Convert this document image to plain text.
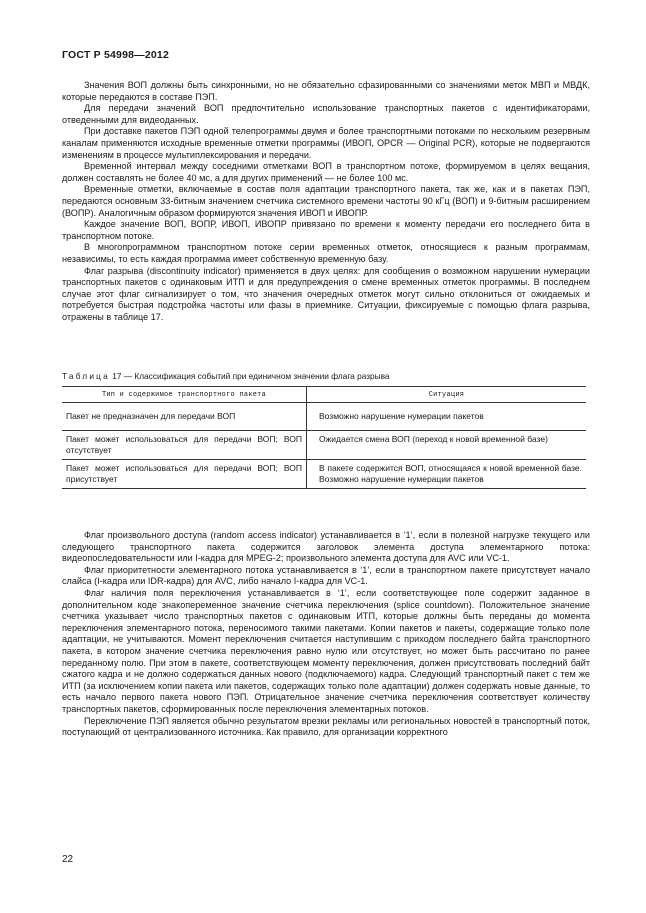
ГОСТ Р 54998—2012

Значения ВОП должны быть синхронными, но не обязательно сфазированными со значениями меток МВП и МВДК, которые передаются в составе ПЭП.

Для передачи значений ВОП предпочтительно использование транспортных пакетов с идентификаторами, отведенными для видеоданных.

При доставке пакетов ПЭП одной телепрограммы двумя и более транспортными потоками по нескольким резервным каналам применяются исходные временные отметки программы (ИВОП, OPCR — Original PCR), которые не подвергаются изменениям в процессе мультиплексирования и передачи.

Временной интервал между соседними отметками ВОП в транспортном потоке, формируемом в целях вещания, должен составлять не более 40 мс, а для других применений — не более 100 мс.

Временные отметки, включаемые в состав поля адаптации транспортного пакета, так же, как и в пакетах ПЭП, передаются основным 33-битным значением счетчика системного времени частоты 90 кГц (ВОП) и 9-битным расширением (ВОПР). Аналогичным образом формируются значения ИВОП и ИВОПР.

Каждое значение ВОП, ВОПР, ИВОП, ИВОПР привязано по времени к моменту передачи его последнего бита в транспортном потоке.

В многопрограммном транспортном потоке серии временных отметок, относящиеся к разным программам, независимы, то есть каждая программа имеет собственную временную базу.

Флаг разрыва (discontinuity indicator) применяется в двух целях: для сообщения о возможном нарушении нумерации транспортных пакетов с одинаковым ИТП и для предупреждения о смене временных отметок программы. В последнем случае этот флаг сигнализирует о том, что значения очередных отметок могут сильно отклониться от ожидаемых и потребуется быстрая подстройка частоты или фазы в приемнике. Ситуации, фиксируемые с помощью флага разрыва, отражены в таблице 17.

Таблица 17 — Классификация событий при единичном значении флага разрыва
Тип и содержимое транспортного пакета	Ситуация
Пакет не предназначен для передачи ВОП	Возможно нарушение нумерации пакетов
Пакет может использоваться для передачи ВОП; ВОП отсутствует	Ожидается смена ВОП (переход к новой временной базе)
Пакет может использоваться для передачи ВОП; ВОП присутствует	В пакете содержится ВОП, относящаяся к новой временной базе. Возможно нарушение нумерации пакетов

Флаг произвольного доступа (random access indicator) устанавливается в ‘1’, если в полезной нагрузке текущего или следующего транспортного пакета содержится заголовок элемента доступа элементарного потока: видеопоследовательности или I-кадра для MPEG-2; произвольного элемента доступа для AVC или VC-1.

Флаг приоритетности элементарного потока устанавливается в ‘1’, если в транспортном пакете присутствует начало слайса (I-кадра или IDR-кадра) для AVC, либо начало I-кадра для VC-1.

Флаг наличия поля переключения устанавливается в ‘1’, если соответствующее поле содержит заданное в дополнительном коде знакопеременное значение счетчика переключения (splice countdown). Положительное значение счетчика указывает число транспортных пакетов с одинаковым ИТП, которые должны быть переданы до момента переключения элементарного потока, переносимого такими пакетами. Копии пакетов и пакеты, содержащие только поле адаптации, не учитываются. Момент переключения считается наступившим с приходом последнего байта транспортного пакета, в котором значение счетчика переключения равно нулю или отсутствует, но может быть рассчитано по ранее переданному полю. При этом в пакете, соответствующем моменту переключения, должен присутствовать последний байт сжатого кадра и не должно содержаться данных нового (подключаемого) кадра. Следующий транспортный пакет с тем же ИТП (за исключением копии пакета или пакетов, содержащих только поле адаптации) должен содержать новые данные, то есть начало первого пакета нового ПЭП. Отрицательное значение счетчика переключения соответствует количеству транспортных пакетов, сформированных после переключения элементарных потоков.

Переключение ПЭП является обычно результатом врезки рекламы или региональных новостей в транспортный поток, поступающий от централизованного источника. Как правило, для организации корректного

22
